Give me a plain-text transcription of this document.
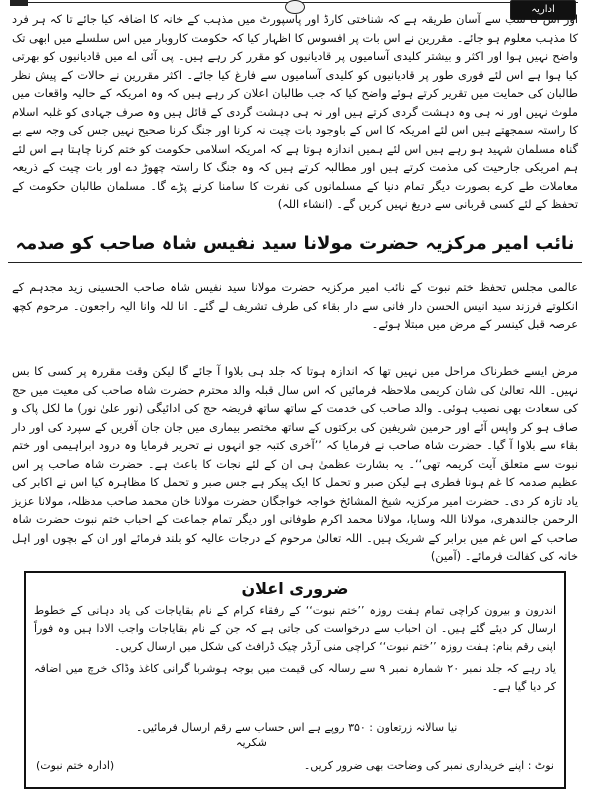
اداریہ
اور اس کا سب سے آسان طریقہ ہے کہ شناختی کارڈ اور پاسپورٹ میں مذہب کے خانہ کا اضافہ کیا جائے تا کہ ہر فرد کا مذہب معلوم ہو جائے۔ مقررین نے اس بات پر افسوس کا اظہار کیا کہ حکومت کاروبار میں اس سلسلے میں ابھی تک واضح نہیں ہوا اور اکثر و بیشتر کلیدی آسامیوں پر قادیانیوں کو مقرر کر رہے ہیں۔ پی آئی اے میں قادیانیوں کو بھرتی کیا ہوا ہے اس لئے فوری طور پر قادیانیوں کو کلیدی آسامیوں سے فارغ کیا جائے۔ اکثر مقررین نے حالات کے پیش نظر طالبان کی حمایت میں تقریر کرتے ہوئے واضح کیا کہ جب طالبان اعلان کر رہے ہیں کہ وہ امریکہ کے حالیہ واقعات میں ملوث نہیں اور نہ ہی وہ دہشت گردی کرتے ہیں اور نہ ہی دہشت گردی کے قائل ہیں وہ صرف جہادی کو غلبہ اسلام کا راستہ سمجھتے ہیں اس لئے امریکہ کا اس کے باوجود بات چیت نہ کرنا اور جنگ کرنا صحیح نہیں جس کی وجہ سے بے گناہ مسلمان شہید ہو رہے ہیں اس لئے ہمیں اندازہ ہوتا ہے کہ امریکہ اسلامی حکومت کو ختم کرنا چاہتا ہے اس لئے ہم امریکی جارحیت کی مذمت کرتے ہیں اور مطالبہ کرتے ہیں کہ وہ جنگ کا راستہ چھوڑ دے اور بات چیت کے ذریعہ معاملات طے کرے بصورت دیگر تمام دنیا کے مسلمانوں کی نفرت کا سامنا کرنے پڑے گا۔ مسلمان طالبان حکومت کے تحفظ کے لئے کسی قربانی سے دریغ نہیں کریں گے۔ (انشاء اللہ)
نائب امیر مرکزیہ حضرت مولانا سید نفیس شاہ صاحب کو صدمہ
عالمی مجلس تحفظ ختم نبوت کے نائب امیر مرکزیہ حضرت مولانا سید نفیس شاہ صاحب الحسینی زید مجدہم کے انکلوتے فرزند سید انیس الحسن دار فانی سے دار بقاء کی طرف تشریف لے گئے۔ انا للہ وانا الیہ راجعون۔ مرحوم کچھ عرصہ قبل کینسر کے مرض میں مبتلا ہوئے۔
مرض ایسے خطرناک مراحل میں نہیں تھا کہ اندازہ ہوتا کہ جلد ہی بلاوا آ جائے گا لیکن وقت مقررہ پر کسی کا بس نہیں۔ اللہ تعالیٰ کی شان کریمی ملاحظہ فرمائیں کہ اس سال قبلہ والد محترم حضرت شاہ صاحب کی معیت میں حج کی سعادت بھی نصیب ہوئی۔ والد صاحب کی خدمت کے ساتھ ساتھ فریضہ حج کی ادائیگی (نور علیٰ نور) ما لکل پاک و صاف ہو کر واپس آئے اور حرمین شریفین کی برکتوں کے ساتھ مختصر بیماری میں جان جان آفریں کے سپرد کی اور دار بقاء سے بلاوا آ گیا۔ حضرت شاہ صاحب نے فرمایا کہ ’’آخری کتبہ جو انہوں نے تحریر فرمایا وہ درود ابراہیمی اور ختم نبوت سے متعلق آیت کریمہ تھی‘‘۔ یہ بشارت عظمیٰ ہی ان کے لئے نجات کا باعث ہے۔ حضرت شاہ صاحب پر اس عظیم صدمہ کا غم ہونا فطری ہے لیکن صبر و تحمل کا ایک پیکر ہے جس صبر و تحمل کا مظاہرہ کیا اس نے اکابر کی یاد تازہ کر دی۔ حضرت امیر مرکزیہ شیخ المشائخ خواجہ خواجگان حضرت مولانا خان محمد صاحب مدظلہ، مولانا عزیز الرحمن جالندھری، مولانا اللہ وسایا، مولانا محمد اکرم طوفانی اور دیگر تمام جماعت کے احباب ختم نبوت حضرت شاہ صاحب کے اس غم میں برابر کے شریک ہیں۔ اللہ تعالیٰ مرحوم کے درجات عالیہ کو بلند فرمائے اور ان کے بچوں اور اہل خانہ کی کفالت فرمائے۔ (آمین)
ضروری اعلان
اندرون و بیرون کراچی تمام ہفت روزہ ’’ختم نبوت‘‘ کے رفقاء کرام کے نام بقایاجات کی یاد دہانی کے خطوط ارسال کر دیئے گئے ہیں۔ ان احباب سے درخواست کی جاتی ہے کہ جن کے نام بقایاجات واجب الادا ہیں وہ فوراً اپنی رقم بنام: ہفت روزہ ’’ختم نبوت‘‘ کراچی منی آرڈر چیک ڈرافٹ کی شکل میں ارسال کریں۔
یاد رہے کہ جلد نمبر ۲۰ شمارہ نمبر ۹ سے رسالہ کی قیمت میں بوجہ ہوشربا گرانی کاغذ وڈاک خرچ میں اضافہ کر دیا گیا ہے۔
نیا سالانہ زرتعاون : ۳۵۰ روپے ہے اس حساب سے رقم ارسال فرمائیں۔
شکریہ
نوٹ : اپنے خریداری نمبر کی وضاحت بھی ضرور کریں۔
(ادارہ ختم نبوت)
